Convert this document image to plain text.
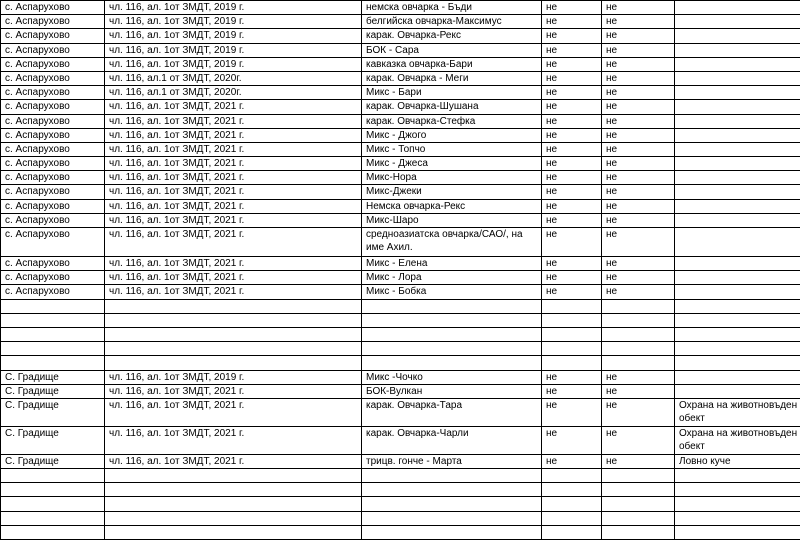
с. Аспарухово	чл. 116, ал. 1от ЗМДТ, 2019 г.	немска овчарка - Бъди	не	не	
с. Аспарухово	чл. 116, ал. 1от ЗМДТ, 2019 г.	белгийска овчарка-Максимус	не	не	
с. Аспарухово	чл. 116, ал. 1от ЗМДТ, 2019 г.	карак. Овчарка-Рекс	не	не	
с. Аспарухово	чл. 116, ал. 1от ЗМДТ, 2019 г.	БОК - Сара	не	не	
с. Аспарухово	чл. 116, ал. 1от ЗМДТ, 2019 г.	кавказка овчарка-Бари	не	не	
с. Аспарухово	чл. 116, ал.1 от ЗМДТ, 2020г.	карак. Овчарка - Меги	не	не	
с. Аспарухово	чл. 116, ал.1 от ЗМДТ, 2020г.	Микс - Бари	не	не	
с. Аспарухово	чл. 116, ал. 1от ЗМДТ, 2021 г.	карак. Овчарка-Шушана	не	не	
с. Аспарухово	чл. 116, ал. 1от ЗМДТ, 2021 г.	карак. Овчарка-Стефка	не	не	
с. Аспарухово	чл. 116, ал. 1от ЗМДТ, 2021 г.	Микс - Джого	не	не	
с. Аспарухово	чл. 116, ал. 1от ЗМДТ, 2021 г.	Микс - Топчо	не	не	
с. Аспарухово	чл. 116, ал. 1от ЗМДТ, 2021 г.	Микс - Джеса	не	не	
с. Аспарухово	чл. 116, ал. 1от ЗМДТ, 2021 г.	Микс-Нора	не	не	
с. Аспарухово	чл. 116, ал. 1от ЗМДТ, 2021 г.	Микс-Джеки	не	не	
с. Аспарухово	чл. 116, ал. 1от ЗМДТ, 2021 г.	Немска овчарка-Рекс	не	не	
с. Аспарухово	чл. 116, ал. 1от ЗМДТ, 2021 г.	Микс-Шаро	не	не	
с. Аспарухово	чл. 116, ал. 1от ЗМДТ, 2021 г.	средноазиатска овчарка/САО/, на име Ахил.	не	не	
с. Аспарухово	чл. 116, ал. 1от ЗМДТ, 2021 г.	Микс - Елена	не	не	
с. Аспарухово	чл. 116, ал. 1от ЗМДТ, 2021 г.	Микс - Лора	не	не	
с. Аспарухово	чл. 116, ал. 1от ЗМДТ, 2021 г.	Микс - Бобка	не	не	

С. Градище	чл. 116, ал. 1от ЗМДТ, 2019 г.	Микс -Чочко	не	не	
С. Градище	чл. 116, ал. 1от ЗМДТ, 2021 г.	БОК-Вулкан	не	не	
С. Градище	чл. 116, ал. 1от ЗМДТ, 2021 г.	карак. Овчарка-Тара	не	не	Охрана на животновъден обект
С. Градище	чл. 116, ал. 1от ЗМДТ, 2021 г.	карак. Овчарка-Чарли	не	не	Охрана на животновъден обект
С. Градище	чл. 116, ал. 1от ЗМДТ, 2021 г.	трицв. гонче - Марта	не	не	Ловно куче
